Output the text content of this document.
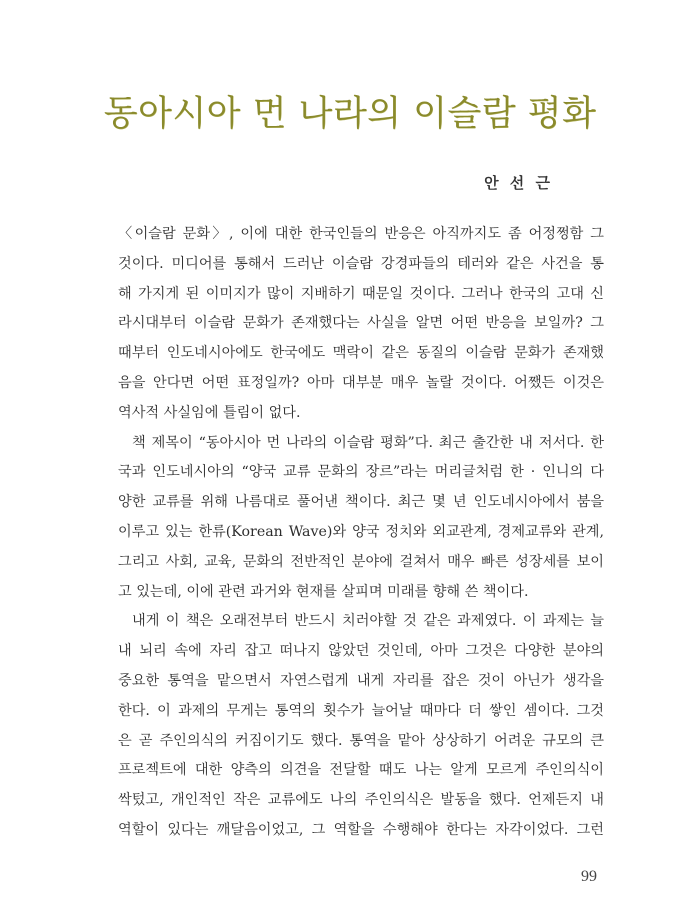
동아시아 먼 나라의 이슬람 평화
안 선 근
〈이슬람 문화〉, 이에 대한 한국인들의 반응은 아직까지도 좀 어정쩡함 그
것이다. 미디어를 통해서 드러난 이슬람 강경파들의 테러와 같은 사건을 통
해 가지게 된 이미지가 많이 지배하기 때문일 것이다. 그러나 한국의 고대 신
라시대부터 이슬람 문화가 존재했다는 사실을 알면 어떤 반응을 보일까? 그
때부터 인도네시아에도 한국에도 맥락이 같은 동질의 이슬람 문화가 존재했
음을 안다면 어떤 표정일까? 아마 대부분 매우 놀랄 것이다. 어쨌든 이것은
역사적 사실임에 틀림이 없다.
책 제목이 “동아시아 먼 나라의 이슬람 평화”다. 최근 출간한 내 저서다. 한
국과 인도네시아의 “양국 교류 문화의 장르”라는 머리글처럼 한 · 인니의 다
양한 교류를 위해 나름대로 풀어낸 책이다. 최근 몇 년 인도네시아에서 붐을
이루고 있는 한류(Korean Wave)와 양국 정치와 외교관계, 경제교류와 관계,
그리고 사회, 교육, 문화의 전반적인 분야에 걸쳐서 매우 빠른 성장세를 보이
고 있는데, 이에 관련 과거와 현재를 살피며 미래를 향해 쓴 책이다.
내게 이 책은 오래전부터 반드시 치러야할 것 같은 과제였다. 이 과제는 늘
내 뇌리 속에 자리 잡고 떠나지 않았던 것인데, 아마 그것은 다양한 분야의
중요한 통역을 맡으면서 자연스럽게 내게 자리를 잡은 것이 아닌가 생각을
한다. 이 과제의 무게는 통역의 횟수가 늘어날 때마다 더 쌓인 셈이다. 그것
은 곧 주인의식의 커짐이기도 했다. 통역을 맡아 상상하기 어려운 규모의 큰
프로젝트에 대한 양측의 의견을 전달할 때도 나는 알게 모르게 주인의식이
싹텄고, 개인적인 작은 교류에도 나의 주인의식은 발동을 했다. 언제든지 내
역할이 있다는 깨달음이었고, 그 역할을 수행해야 한다는 자각이었다. 그런
99
